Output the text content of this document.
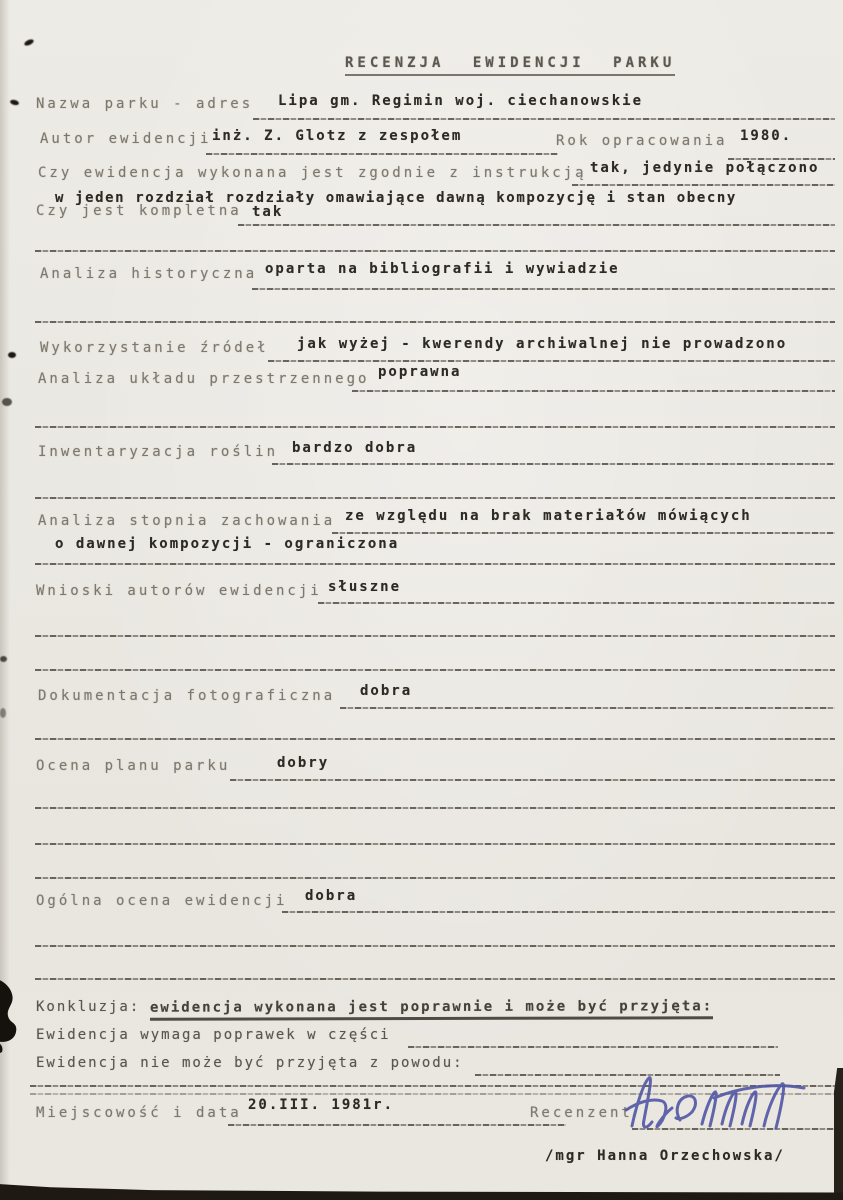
RECENZJA EWIDENCJI PARKU
Nazwa parku - adres Lipa gm. Regimin woj. ciechanowskie
Autor ewidencji inż. Z. Glotz z zespołem	Rok opracowania 1980.
Czy ewidencja wykonana jest zgodnie z instrukcją tak, jedynie połączono
w jeden rozdział rozdziały omawiające dawną kompozycję i stan obecny
Czy jest kompletna tak
Analiza historyczna oparta na bibliografii i wywiadzie
Wykorzystanie źródeł jak wyżej - kwerendy archiwalnej nie prowadzono
Analiza układu przestrzennego poprawna
Inwentaryzacja roślin bardzo dobra
Analiza stopnia zachowania ze względu na brak materiałów mówiących
o dawnej kompozycji - ograniczona
Wnioski autorów ewidencji słuszne
Dokumentacja fotograficzna dobra
Ocena planu parku	dobry
Ogólna ocena ewidencji dobra
Konkluzja: ewidencja wykonana jest poprawnie i może być przyjęta:
Ewidencja wymaga poprawek w części
Ewidencja nie może być przyjęta z powodu:
Miejscowość i data 20.III. 1981r.	Recenzent
/mgr Hanna Orzechowska/
